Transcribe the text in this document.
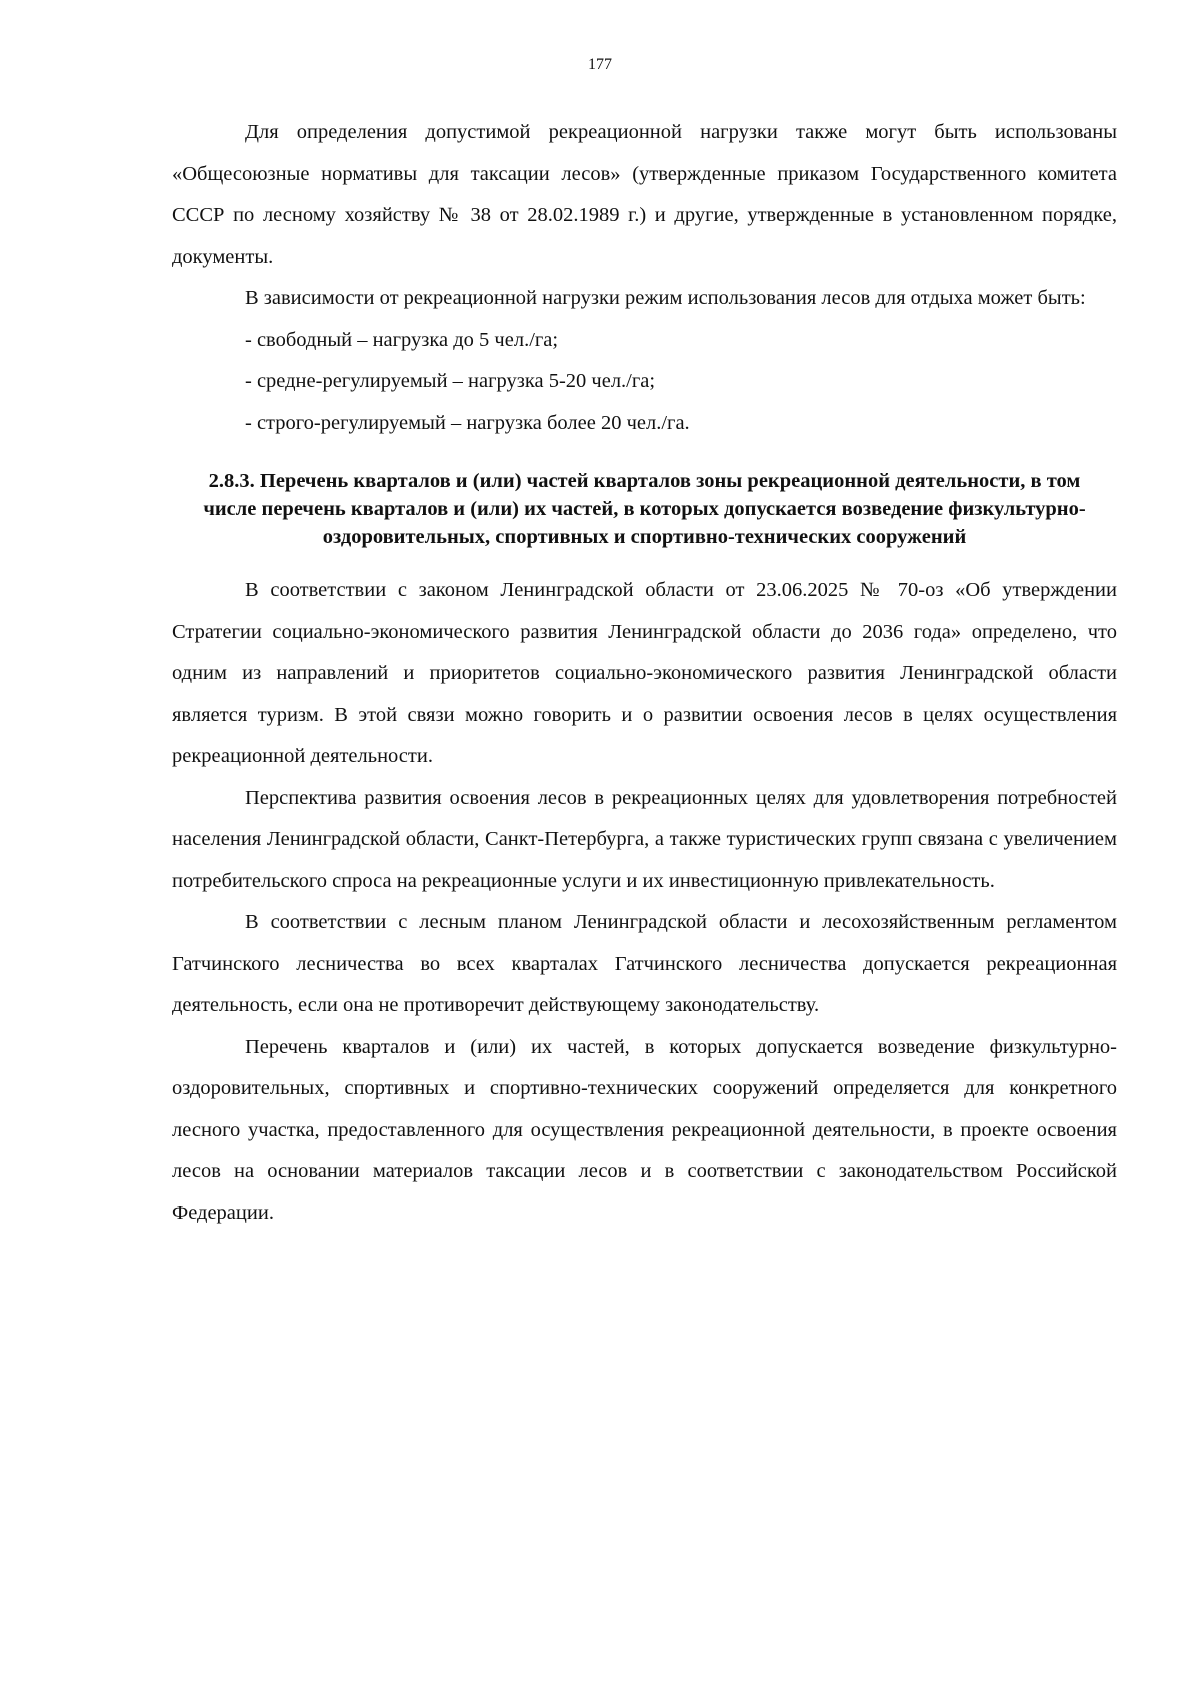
177

Для определения допустимой рекреационной нагрузки также могут быть использованы «Общесоюзные нормативы для таксации лесов» (утвержденные приказом Государственного комитета СССР по лесному хозяйству № 38 от 28.02.1989 г.) и другие, утвержденные в установленном порядке, документы.

В зависимости от рекреационной нагрузки режим использования лесов для отдыха может быть:

- свободный – нагрузка до 5 чел./га;
- средне-регулируемый – нагрузка 5-20 чел./га;
- строго-регулируемый – нагрузка более 20 чел./га.
2.8.3. Перечень кварталов и (или) частей кварталов зоны рекреационной деятельности, в том числе перечень кварталов и (или) их частей, в которых допускается возведение физкультурно-оздоровительных, спортивных и спортивно-технических сооружений

В соответствии с законом Ленинградской области от 23.06.2025 № 70-оз «Об утверждении Стратегии социально-экономического развития Ленинградской области до 2036 года» определено, что одним из направлений и приоритетов социально-экономического развития Ленинградской области является туризм. В этой связи можно говорить и о развитии освоения лесов в целях осуществления рекреационной деятельности.

Перспектива развития освоения лесов в рекреационных целях для удовлетворения потребностей населения Ленинградской области, Санкт-Петербурга, а также туристических групп связана с увеличением потребительского спроса на рекреационные услуги и их инвестиционную привлекательность.

В соответствии с лесным планом Ленинградской области и лесохозяйственным регламентом Гатчинского лесничества во всех кварталах Гатчинского лесничества допускается рекреационная деятельность, если она не противоречит действующему законодательству.

Перечень кварталов и (или) их частей, в которых допускается возведение физкультурно-оздоровительных, спортивных и спортивно-технических сооружений определяется для конкретного лесного участка, предоставленного для осуществления рекреационной деятельности, в проекте освоения лесов на основании материалов таксации лесов и в соответствии с законодательством Российской Федерации.
